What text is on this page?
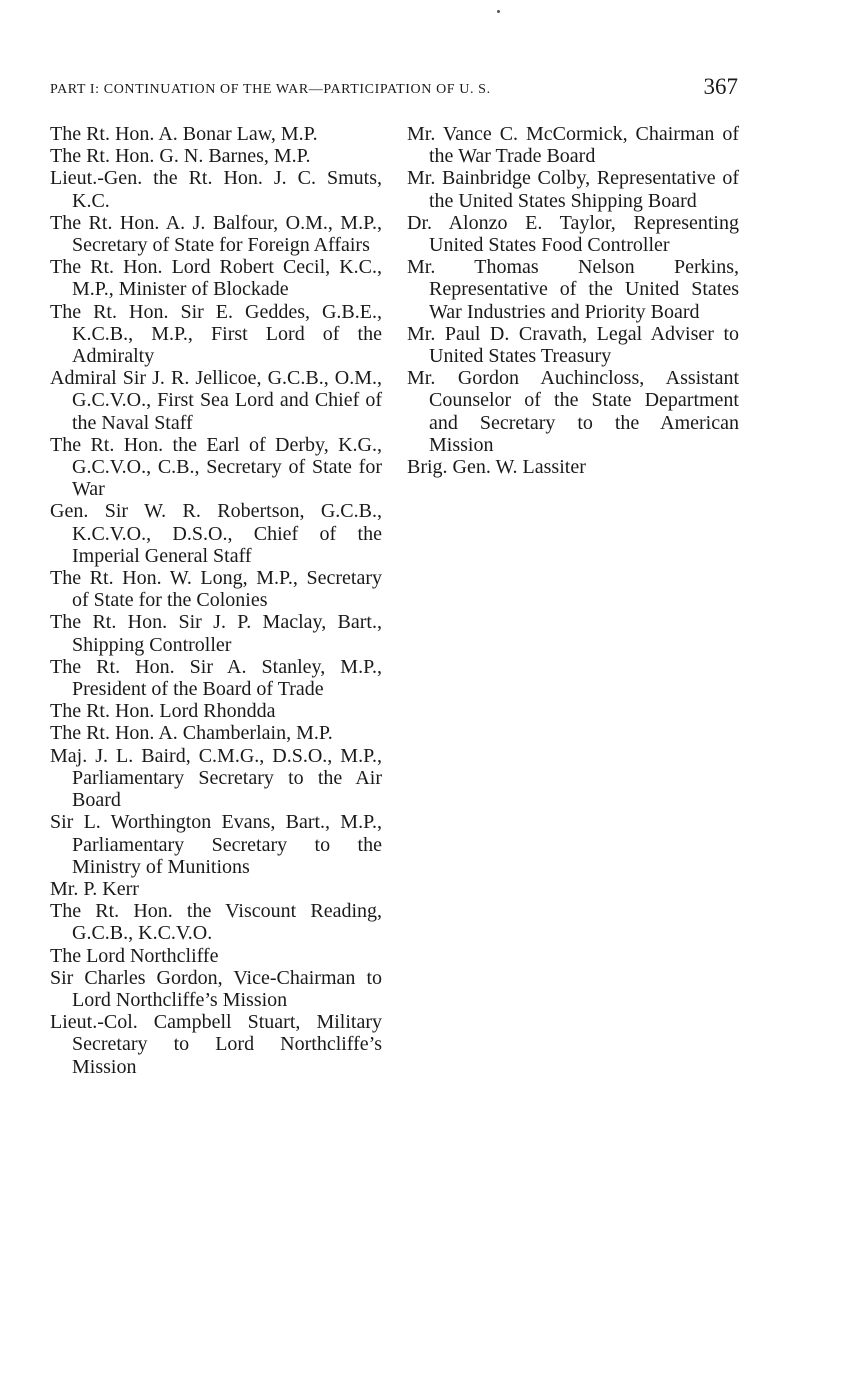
PART I: CONTINUATION OF THE WAR—PARTICIPATION OF U. S.	367

The Rt. Hon. A. Bonar Law, M.P.

The Rt. Hon. G. N. Barnes, M.P.

Lieut.-Gen. the Rt. Hon. J. C. Smuts, K.C.

The Rt. Hon. A. J. Balfour, O.M., M.P., Secretary of State for Foreign Affairs

The Rt. Hon. Lord Robert Cecil, K.C., M.P., Minister of Blockade

The Rt. Hon. Sir E. Geddes, G.B.E., K.C.B., M.P., First Lord of the Admiralty

Admiral Sir J. R. Jellicoe, G.C.B., O.M., G.C.V.O., First Sea Lord and Chief of the Naval Staff

The Rt. Hon. the Earl of Derby, K.G., G.C.V.O., C.B., Secretary of State for War

Gen. Sir W. R. Robertson, G.C.B., K.C.V.O., D.S.O., Chief of the Imperial General Staff

The Rt. Hon. W. Long, M.P., Secretary of State for the Colonies

The Rt. Hon. Sir J. P. Maclay, Bart., Shipping Controller

The Rt. Hon. Sir A. Stanley, M.P., President of the Board of Trade

The Rt. Hon. Lord Rhondda

The Rt. Hon. A. Chamberlain, M.P.

Maj. J. L. Baird, C.M.G., D.S.O., M.P., Parliamentary Secretary to the Air Board

Sir L. Worthington Evans, Bart., M.P., Parliamentary Secretary to the Ministry of Munitions

Mr. P. Kerr

The Rt. Hon. the Viscount Reading, G.C.B., K.C.V.O.

The Lord Northcliffe

Sir Charles Gordon, Vice-Chairman to Lord Northcliffe’s Mission

Lieut.-Col. Campbell Stuart, Military Secretary to Lord Northcliffe’s Mission

Mr. Vance C. McCormick, Chairman of the War Trade Board

Mr. Bainbridge Colby, Representative of the United States Shipping Board

Dr. Alonzo E. Taylor, Representing United States Food Controller

Mr. Thomas Nelson Perkins, Representative of the United States War Industries and Priority Board

Mr. Paul D. Cravath, Legal Adviser to United States Treasury

Mr. Gordon Auchincloss, Assistant Counselor of the State Department and Secretary to the American Mission

Brig. Gen. W. Lassiter
